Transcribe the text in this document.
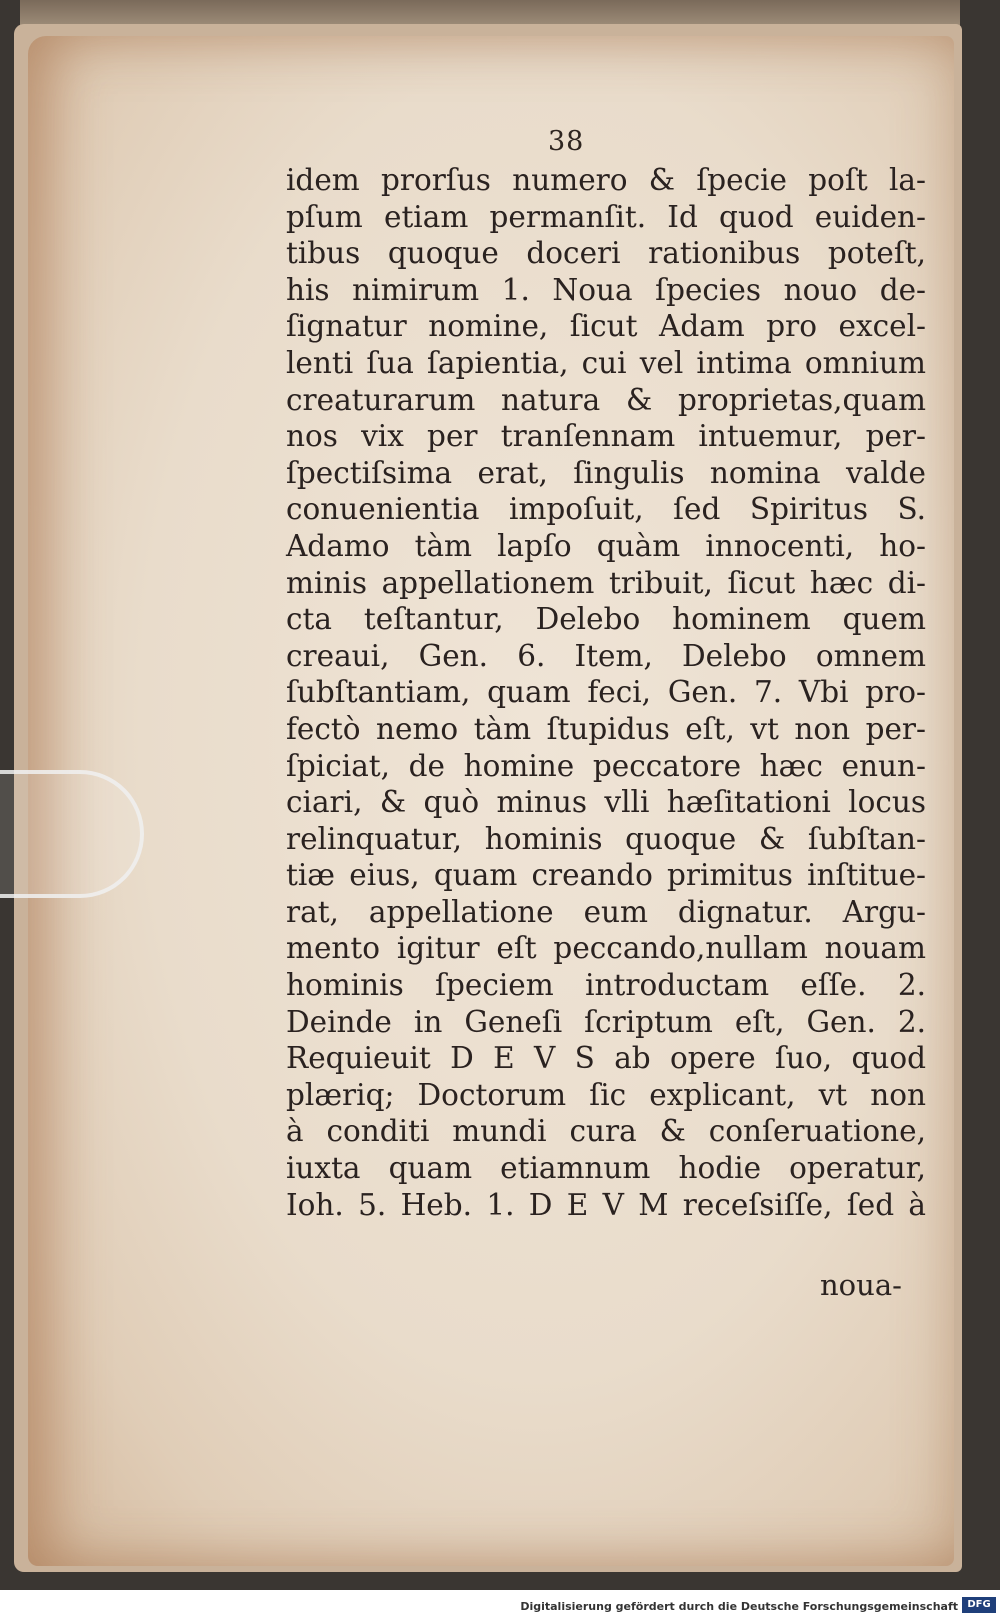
38
idem prorſus numero & ſpecie poſt la-
pſum etiam permanſit. Id quod euiden-
tibus quoque doceri rationibus poteſt,
his nimirum 1. Noua ſpecies nouo de-
ſignatur nomine, ſicut Adam pro excel-
lenti ſua ſapientia, cui vel intima omnium
creaturarum natura & proprietas,quam
nos vix per tranſennam intuemur, per-
ſpectiſsima erat, ſingulis nomina valde
conuenientia impoſuit, ſed Spiritus S.
Adamo tàm lapſo quàm innocenti, ho-
minis appellationem tribuit, ſicut hæc di-
cta teſtantur, Delebo hominem quem
creaui, Gen. 6. Item, Delebo omnem
ſubſtantiam, quam feci, Gen. 7. Vbi pro-
fectò nemo tàm ſtupidus eſt, vt non per-
ſpiciat, de homine peccatore hæc enun-
ciari, & quò minus vlli hæſitationi locus
relinquatur, hominis quoque & ſubſtan-
tiæ eius, quam creando primitus inſtitue-
rat, appellatione eum dignatur. Argu-
mento igitur eſt peccando,nullam nouam
hominis ſpeciem introductam eſſe. 2.
Deinde in Geneſi ſcriptum eſt, Gen. 2.
Requieuit D E V S ab opere ſuo, quod
plæriq; Doctorum ſic explicant, vt non
à conditi mundi cura & conſeruatione,
iuxta quam etiamnum hodie operatur,
Ioh. 5. Heb. 1. D E V M receſsiſſe, ſed à
noua-
Digitalisierung gefördert durch die Deutsche Forschungsgemeinschaft DFG
